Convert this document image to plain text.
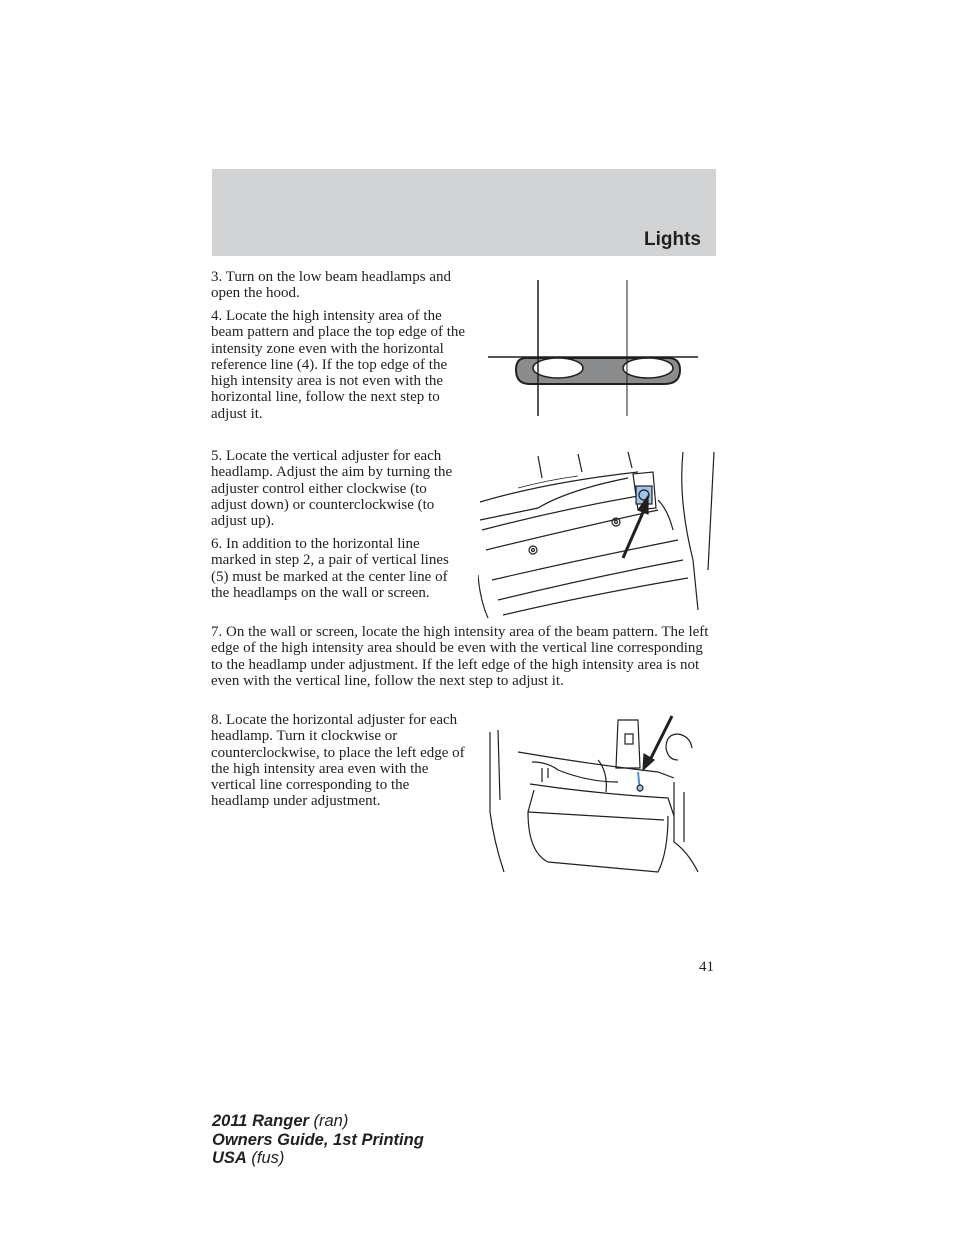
Lights

3. Turn on the low beam headlamps and open the hood.

4. Locate the high intensity area of the beam pattern and place the top edge of the intensity zone even with the horizontal reference line (4). If the top edge of the high intensity area is not even with the horizontal line, follow the next step to adjust it.

5. Locate the vertical adjuster for each headlamp. Adjust the aim by turning the adjuster control either clockwise (to adjust down) or counterclockwise (to adjust up).

6. In addition to the horizontal line marked in step 2, a pair of vertical lines (5) must be marked at the center line of the headlamps on the wall or screen.

7. On the wall or screen, locate the high intensity area of the beam pattern. The left edge of the high intensity area should be even with the vertical line corresponding to the headlamp under adjustment. If the left edge of the high intensity area is not even with the vertical line, follow the next step to adjust it.

8. Locate the horizontal adjuster for each headlamp. Turn it clockwise or counterclockwise, to place the left edge of the high intensity area even with the vertical line corresponding to the headlamp under adjustment.

41
2011 Ranger (ran)
Owners Guide, 1st Printing
USA (fus)
